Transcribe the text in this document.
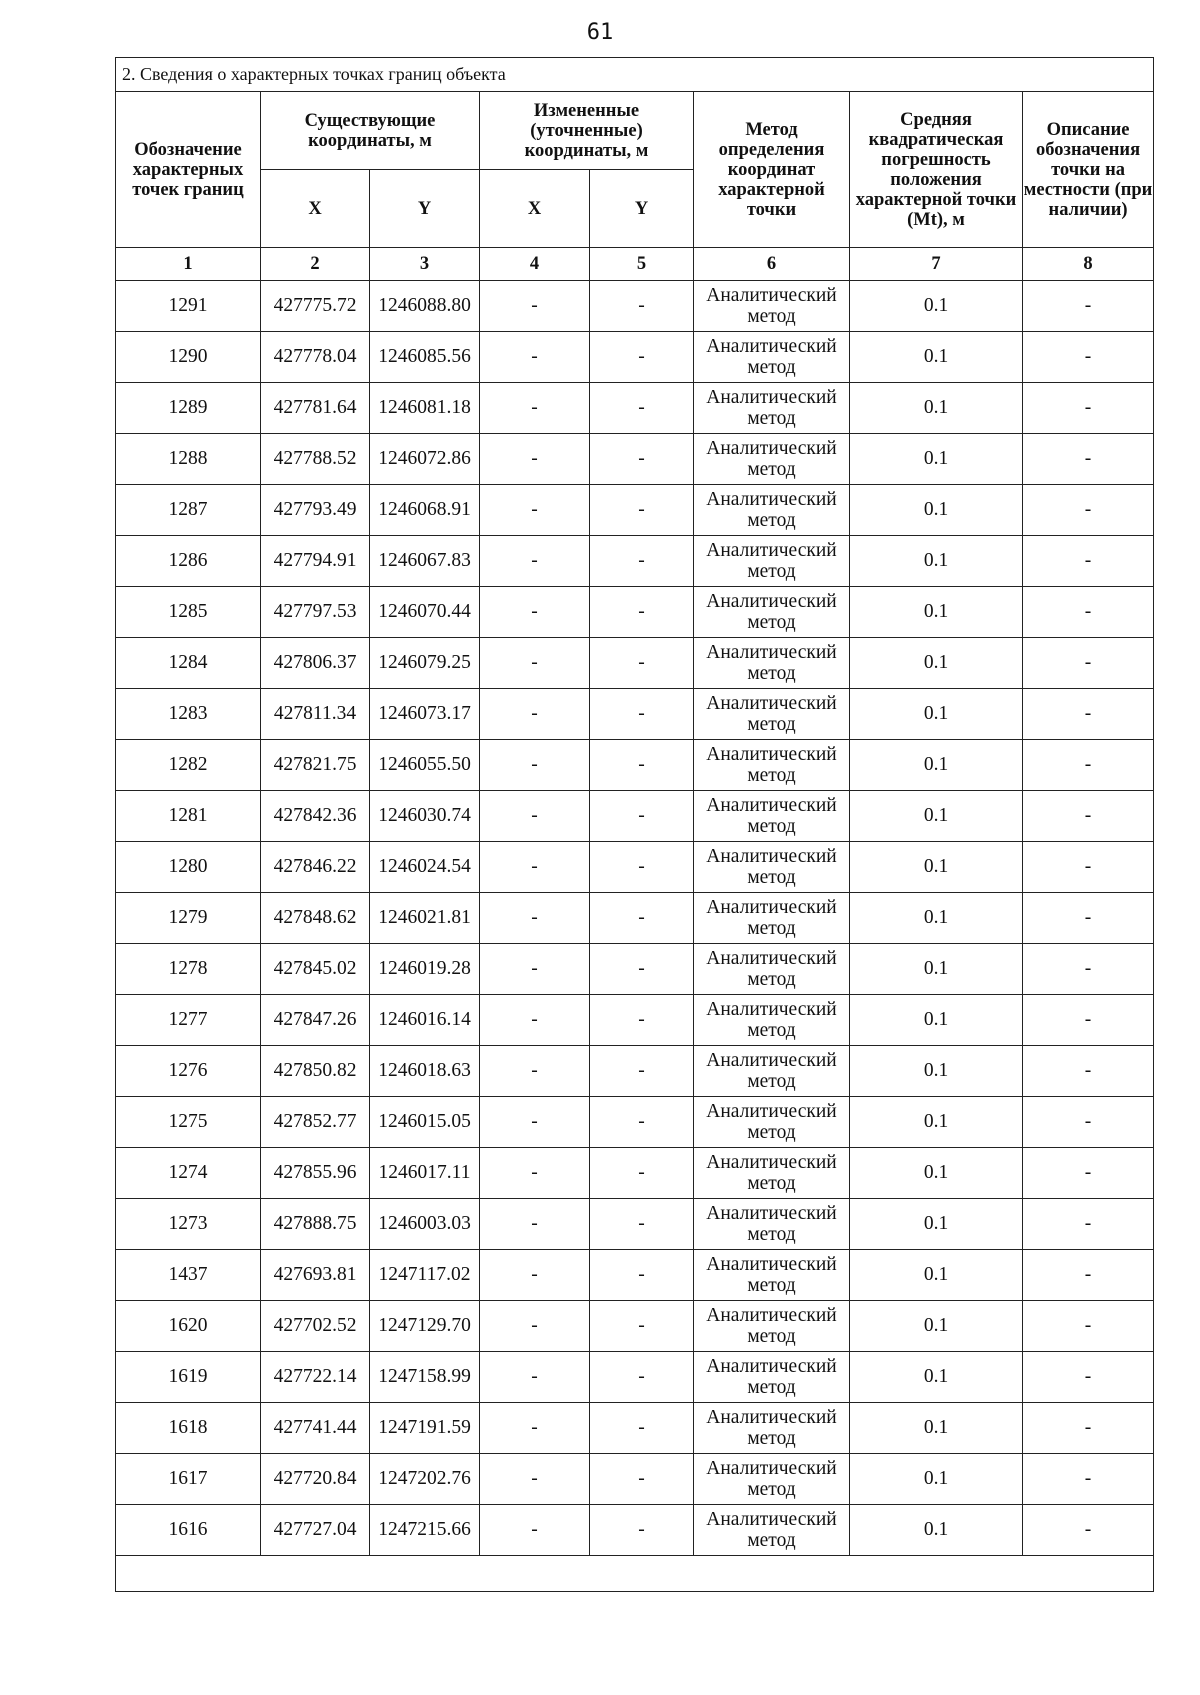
61
2. Сведения о характерных точках границ объекта							
Обозначение характерных точек границ	Существующие координаты, м		Измененные (уточненные) координаты, м		Метод определения координат характерной точки	Средняя квадратическая погрешность положения характерной точки (Mt), м	Описание обозначения точки на местности (при наличии)
	X	Y	X	Y			
1	2	3	4	5	6	7	8
1291	427775.72	1246088.80	-	-	Аналитический метод	0.1	-
1290	427778.04	1246085.56	-	-	Аналитический метод	0.1	-
1289	427781.64	1246081.18	-	-	Аналитический метод	0.1	-
1288	427788.52	1246072.86	-	-	Аналитический метод	0.1	-
1287	427793.49	1246068.91	-	-	Аналитический метод	0.1	-
1286	427794.91	1246067.83	-	-	Аналитический метод	0.1	-
1285	427797.53	1246070.44	-	-	Аналитический метод	0.1	-
1284	427806.37	1246079.25	-	-	Аналитический метод	0.1	-
1283	427811.34	1246073.17	-	-	Аналитический метод	0.1	-
1282	427821.75	1246055.50	-	-	Аналитический метод	0.1	-
1281	427842.36	1246030.74	-	-	Аналитический метод	0.1	-
1280	427846.22	1246024.54	-	-	Аналитический метод	0.1	-
1279	427848.62	1246021.81	-	-	Аналитический метод	0.1	-
1278	427845.02	1246019.28	-	-	Аналитический метод	0.1	-
1277	427847.26	1246016.14	-	-	Аналитический метод	0.1	-
1276	427850.82	1246018.63	-	-	Аналитический метод	0.1	-
1275	427852.77	1246015.05	-	-	Аналитический метод	0.1	-
1274	427855.96	1246017.11	-	-	Аналитический метод	0.1	-
1273	427888.75	1246003.03	-	-	Аналитический метод	0.1	-
1437	427693.81	1247117.02	-	-	Аналитический метод	0.1	-
1620	427702.52	1247129.70	-	-	Аналитический метод	0.1	-
1619	427722.14	1247158.99	-	-	Аналитический метод	0.1	-
1618	427741.44	1247191.59	-	-	Аналитический метод	0.1	-
1617	427720.84	1247202.76	-	-	Аналитический метод	0.1	-
1616	427727.04	1247215.66	-	-	Аналитический метод	0.1	-
